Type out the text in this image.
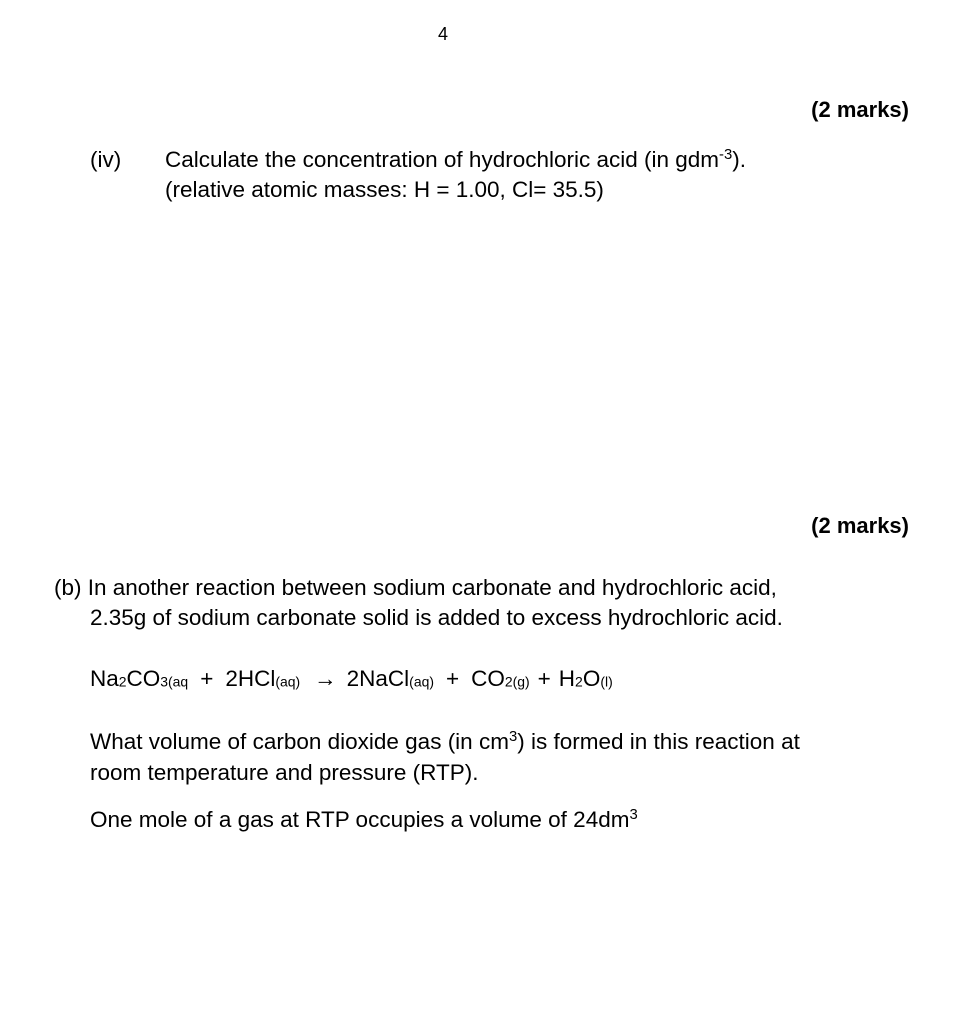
4
(2 marks)
(iv) Calculate the concentration of hydrochloric acid (in gdm$^{-3}$).
(relative atomic masses: H = 1.00, Cl= 35.5)
(2 marks)
(b) In another reaction between sodium carbonate and hydrochloric acid,
2.35g of sodium carbonate solid is added to excess hydrochloric acid.
Na2CO3(aq + 2HCl(aq) → 2NaCl(aq) + CO2(g) + H2O(l)
What volume of carbon dioxide gas (in $cm^3$) is formed in this reaction at
room temperature and pressure (RTP).
One mole of a gas at RTP occupies a volume of $24dm^3$
